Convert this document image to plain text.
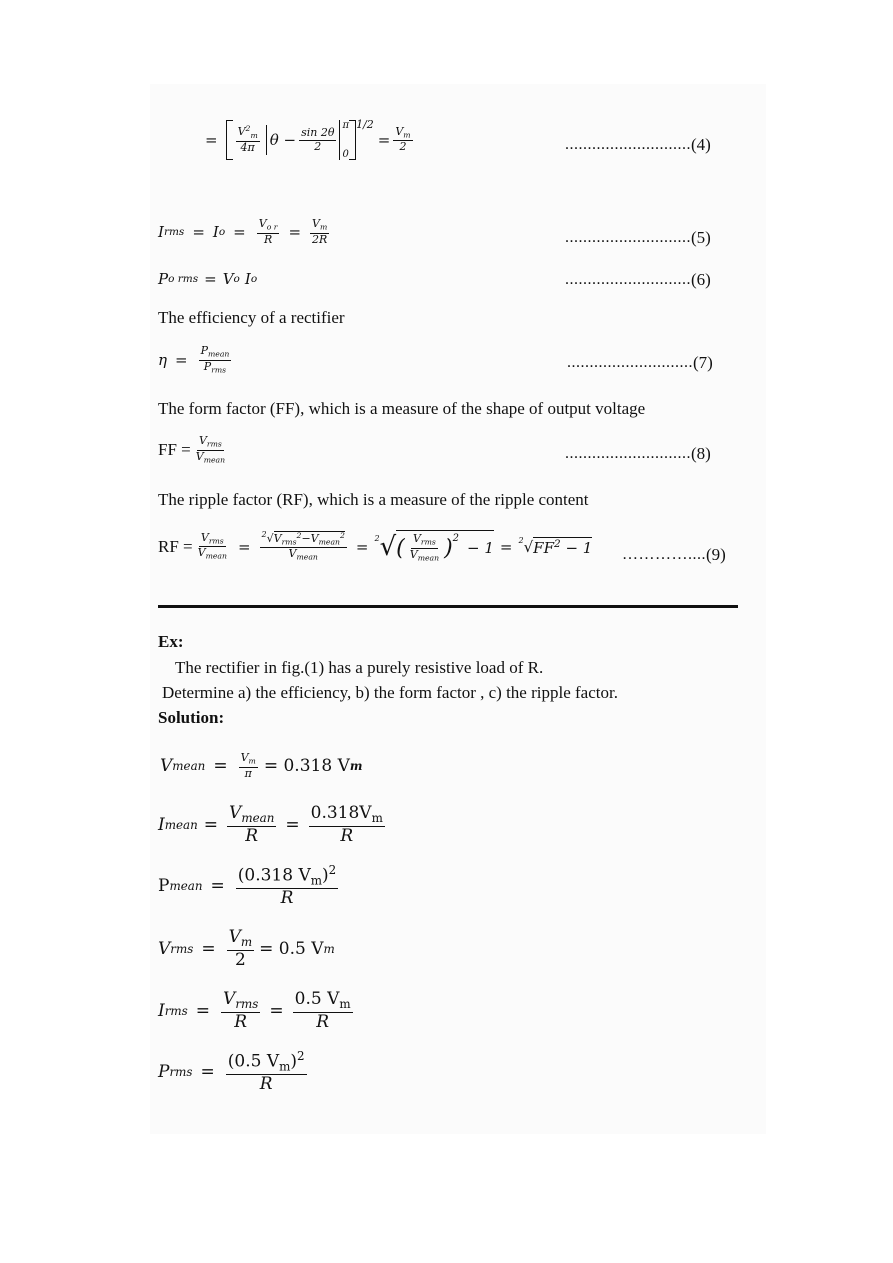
= $\frac{V^2_m}{4\pi}$ $\theta - \frac{\sin 2\theta}{2}$
π
0
1/2
= $\frac{V_m}{2}$	............................ (4)
I rms = I $o = \frac{V_{o r}}{R} = \frac{V_m}{2R}$	............................ (5)
P o rms = V o I o	............................ (6)
The efficiency of a rectifier
$\eta = \frac{P_{mean}}{P_{rms}}$	............................ (7)
The form factor (FF), which is a measure of the shape of output voltage
FF = $\frac{V_{rms}}{V_{mean}}$	............................ (8)
The ripple factor (RF), which is a measure of the ripple content
RF = $\frac{V_{rms}}{V_{mean}} = \frac{^2√V_{rms}^2-V_{mean}^2}{V_{mean}} = 2$ √ ( $\frac{V_{rms}}{V_{mean}}$ ) 2
− 1 = 2 √ $FF^2 - 1$ ………….... (9)
Ex:
The rectifier in fig.(1) has a purely resistive load of R.
Determine a) the efficiency, b) the form factor , c) the ripple factor.
Solution:
V mean = $\frac{V_m}{\pi} = 0.318$ V m
I mean = $\frac{V_{mean}}{R} = \frac{0.318V_m}{R}$
P mean = $\frac{(0.318 V_m)^2}{R}$
V rms = $\frac{V_m}{2} = 0.5$ V m
I rms = $\frac{V_{rms}}{R} = \frac{0.5 V_m}{R}$
P rms = $\frac{(0.5 V_m)^2}{R}$
